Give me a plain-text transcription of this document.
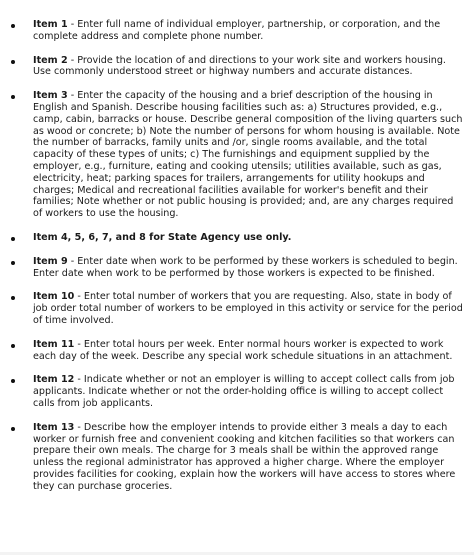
Item 1 - Enter full name of individual employer, partnership, or corporation, and the complete address and complete phone number.
Item 2 - Provide the location of and directions to your work site and workers housing. Use commonly understood street or highway numbers and accurate distances.
Item 3 - Enter the capacity of the housing and a brief description of the housing in English and Spanish. Describe housing facilities such as: a) Structures provided, e.g., camp, cabin, barracks or house. Describe general composition of the living quarters such as wood or concrete; b) Note the number of persons for whom housing is available. Note the number of barracks, family units and /or, single rooms available, and the total capacity of these types of units; c) The furnishings and equipment supplied by the employer, e.g., furniture, eating and cooking utensils; utilities available, such as gas, electricity, heat; parking spaces for trailers, arrangements for utility hookups and charges; Medical and recreational facilities available for worker's benefit and their families; Note whether or not public housing is provided; and, are any charges required of workers to use the housing.
Item 4, 5, 6, 7, and 8 for State Agency use only.
Item 9 - Enter date when work to be performed by these workers is scheduled to begin. Enter date when work to be performed by those workers is expected to be finished.
Item 10 - Enter total number of workers that you are requesting. Also, state in body of job order total number of workers to be employed in this activity or service for the period of time involved.
Item 11 - Enter total hours per week. Enter normal hours worker is expected to work each day of the week. Describe any special work schedule situations in an attachment.
Item 12 - Indicate whether or not an employer is willing to accept collect calls from job applicants. Indicate whether or not the order-holding office is willing to accept collect calls from job applicants.
Item 13 - Describe how the employer intends to provide either 3 meals a day to each worker or furnish free and convenient cooking and kitchen facilities so that workers can prepare their own meals. The charge for 3 meals shall be within the approved range unless the regional administrator has approved a higher charge. Where the employer provides facilities for cooking, explain how the workers will have access to stores where they can purchase groceries.
